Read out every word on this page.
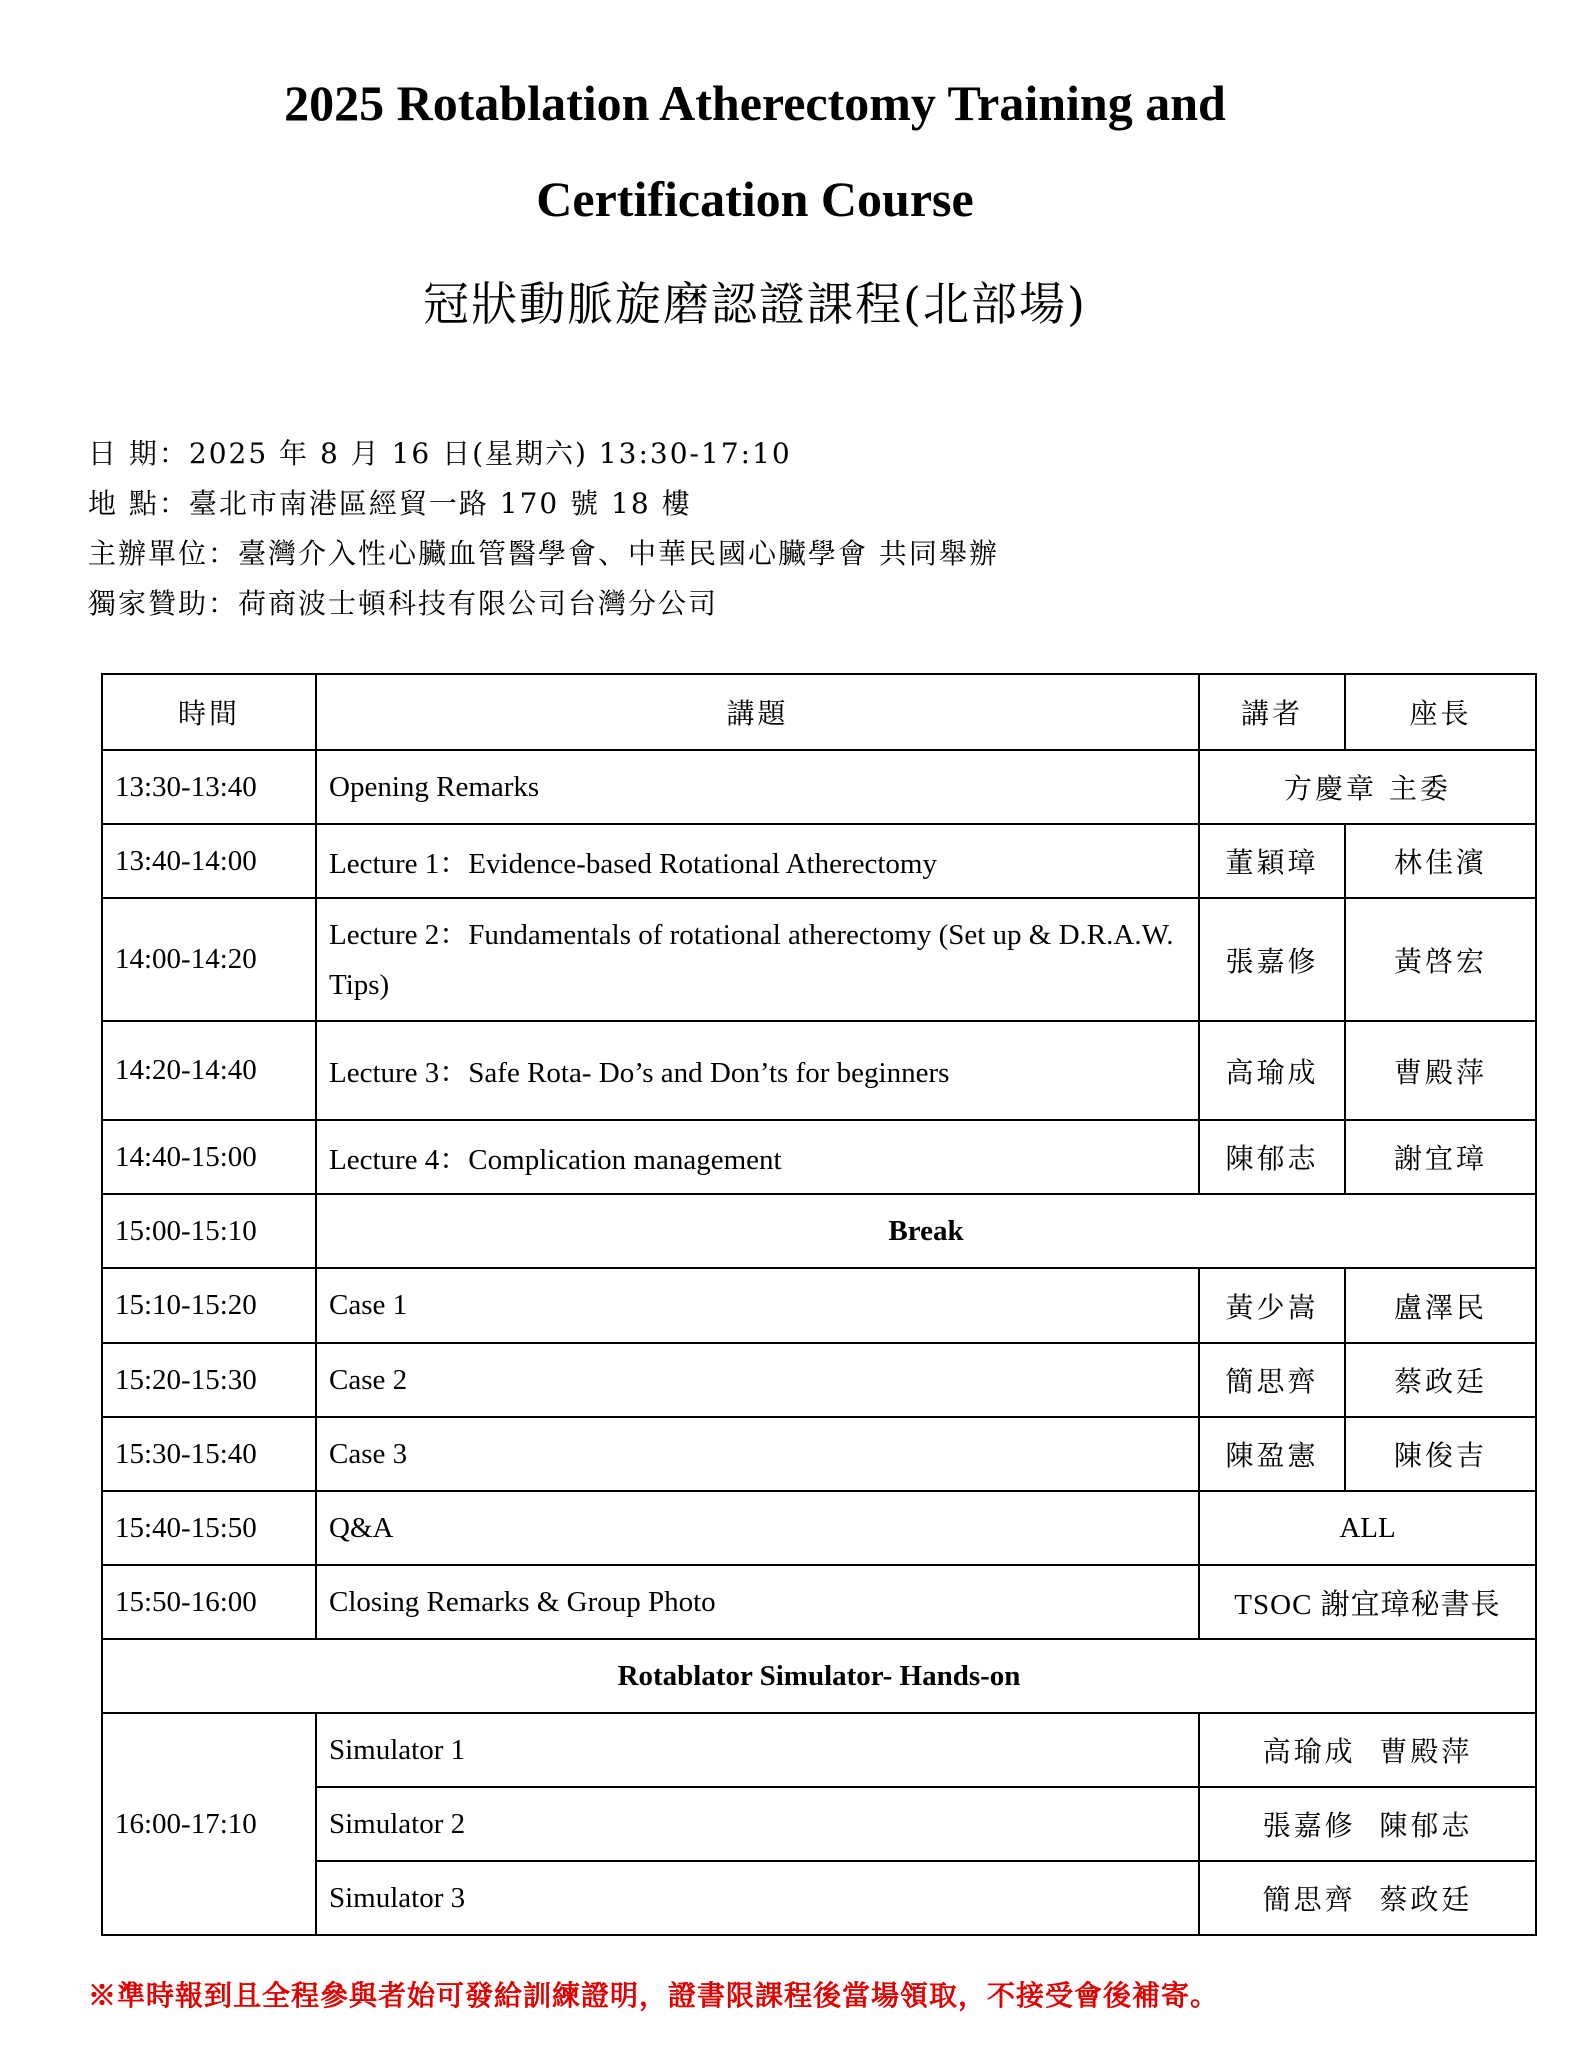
2025 Rotablation Atherectomy Training and
Certification Course
冠狀動脈旋磨認證課程(北部場)
日 期：2025 年 8 月 16 日(星期六) 13:30-17:10
地 點：臺北市南港區經貿一路 170 號 18 樓
主辦單位：臺灣介入性心臟血管醫學會、中華民國心臟學會 共同舉辦
獨家贊助：荷商波士頓科技有限公司台灣分公司
時間	講題	講者	座長
13:30-13:40	Opening Remarks	方慶章 主委	
13:40-14:00	Lecture 1：Evidence-based Rotational Atherectomy	董穎璋	林佳濱
14:00-14:20	Lecture 2：Fundamentals of rotational atherectomy (Set up & D.R.A.W. Tips)	張嘉修	黃啓宏
14:20-14:40	Lecture 3：Safe Rota- Do’s and Don’ts for beginners	高瑜成	曹殿萍
14:40-15:00	Lecture 4：Complication management	陳郁志	謝宜璋
15:00-15:10	Break		
15:10-15:20	Case 1	黃少嵩	盧澤民
15:20-15:30	Case 2	簡思齊	蔡政廷
15:30-15:40	Case 3	陳盈憲	陳俊吉
15:40-15:50	Q&A	ALL	
15:50-16:00	Closing Remarks & Group Photo	TSOC 謝宜璋秘書長	
Rotablator Simulator- Hands-on			
16:00-17:10	Simulator 1	高瑜成  曹殿萍	
	Simulator 2	張嘉修  陳郁志	
	Simulator 3	簡思齊  蔡政廷	
※準時報到且全程參與者始可發給訓練證明，證書限課程後當場領取，不接受會後補寄。
